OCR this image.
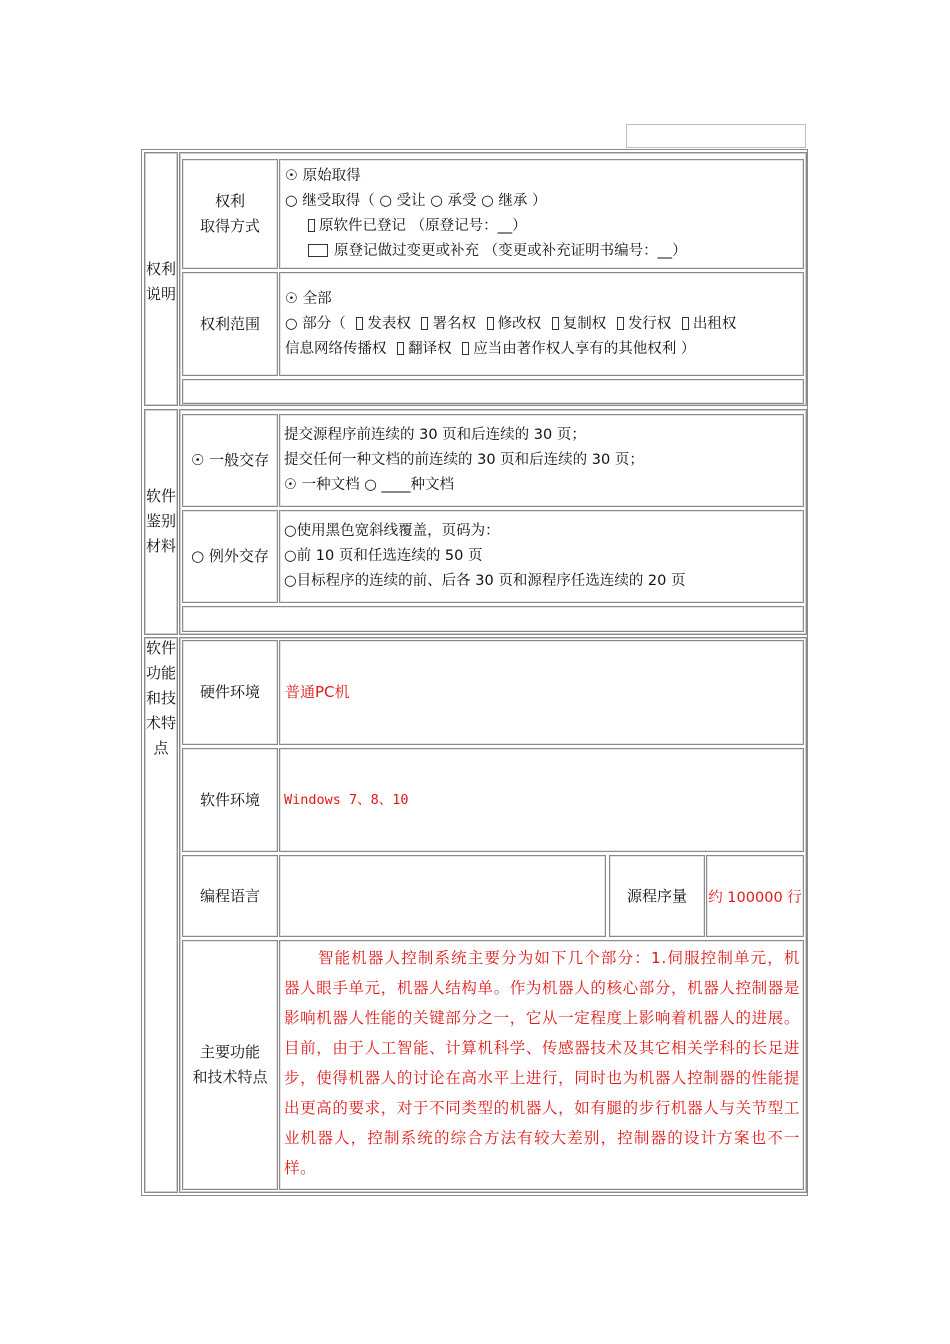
权利说明
权利
取得方式
☉ 原始取得
○ 继受取得（ ○ 受让 ○ 承受 ○ 继承 ）
原软件已登记 （原登记号：__）
原登记做过变更或补充 （变更或补充证明书编号：__）
权利范围
☉ 全部
○ 部分（ 发表权 署名权 修改权 复制权 发行权 出租权
信息网络传播权 翻译权 应当由著作权人享有的其他权利 ）
软件鉴别材料
☉ 一般交存
提交源程序前连续的 30 页和后连续的 30 页；
提交任何一种文档的前连续的 30 页和后连续的 30 页；
☉ 一种文档 ○ ____种文档
○ 例外交存
○使用黑色宽斜线覆盖，页码为：
○前 10 页和任选连续的 50 页
○目标程序的连续的前、后各 30 页和源程序任选连续的 20 页
软件功能和技术特点
硬件环境 普通PC机
软件环境 Windows 7、8、10
编程语言	源程序量 约 100000 行
主要功能
和技术特点
智能机器人控制系统主要分为如下几个部分：1.伺服控制单元，机器人眼手单元，机器人结构单。作为机器人的核心部分，机器人控制器是影响机器人性能的关键部分之一，它从一定程度上影响着机器人的进展。目前，由于人工智能、计算机科学、传感器技术及其它相关学科的长足进步，使得机器人的讨论在高水平上进行，同时也为机器人控制器的性能提出更高的要求，对于不同类型的机器人，如有腿的步行机器人与关节型工业机器人，控制系统的综合方法有较大差别，控制器的设计方案也不一样。
